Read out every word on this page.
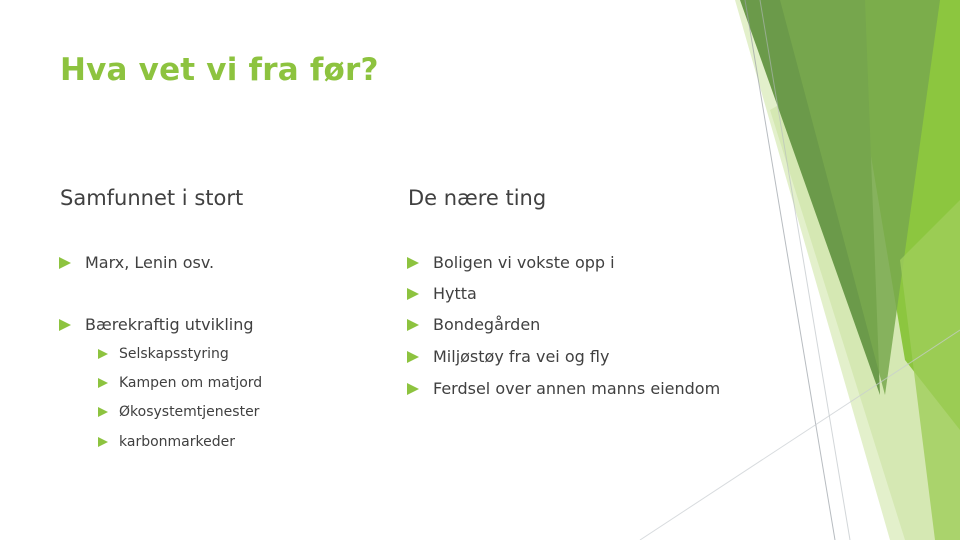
Hva vet vi fra før?
Samfunnet i stort	De nære ting
Marx, Lenin osv.
Bærekraftig utvikling
Selskapsstyring
Kampen om matjord
Økosystemtjenester
karbonmarkeder
Boligen vi vokste opp i
Hytta
Bondegården
Miljøstøy fra vei og fly
Ferdsel over annen manns eiendom
